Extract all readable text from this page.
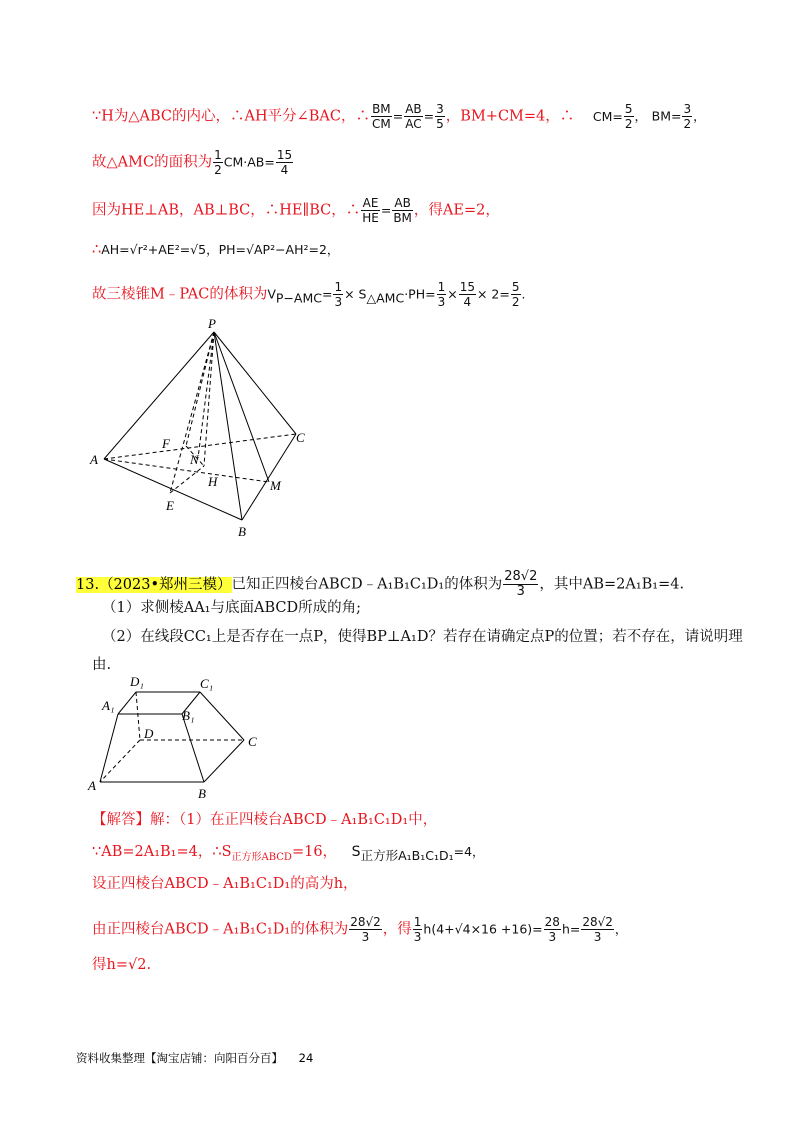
∵H为△ABC的内心，∴AH平分∠BAC，∴ $\frac{BM}{CM} = \frac{AB}{AC} = \frac{3}{5}$ ，BM+CM=4，∴ $CM= \frac{5}{2}$ ， $BM= \frac{3}{2}$ ，
故△AMC的面积为 $\frac{1}{2} CM\cdot AB= \frac{15}{4}$
因为HE⊥AB，AB⊥BC，∴HE∥BC，∴ $\frac{AE}{HE} = \frac{AB}{BM}$ ，得AE=2，
∴AH=√r²+AE²=√5，PH=√AP²−AH²=2，
故三棱锥M﹣PAC的体积为$V_{P-AMC}= \frac{1}{3} \times S_{\triangle AMC}\cdot PH= \frac{1}{3} \times \frac{15}{4} \times 2= \frac{5}{2}$ .
P
A
B
C
F
N
H
E
M
13.（2023•郑州三模）已知正四棱台ABCD﹣A₁B₁C₁D₁的体积为 $\frac{28√2}{3}$ ，其中AB=2A₁B₁=4.
（1）求侧棱AA₁与底面ABCD所成的角;
（2）在线段CC₁上是否存在一点P，使得BP⊥A₁D？若存在请确定点P的位置；若不存在，请说明理
由.
D₁	C₁
A₁
B₁
D
C
A
B
【解答】解：（1）在正四棱台ABCD﹣A₁B₁C₁D₁中，
∵AB=2A₁B₁=4，$\therefore S_{正方形ABCD}=16$， $S_{正方形A_1B_1C_1D_1}=4$，
设正四棱台ABCD﹣A₁B₁C₁D₁的高为h，
由正四棱台ABCD﹣A₁B₁C₁D₁的体积为 $\frac{28√2}{3}$ ，得 $\frac{1}{3} h(4+√4\times 16 +16)= \frac{28}{3} h= \frac{28√2}{3}$ ，
得h=√2.
资料收集整理【淘宝店铺：向阳百分百】 24
